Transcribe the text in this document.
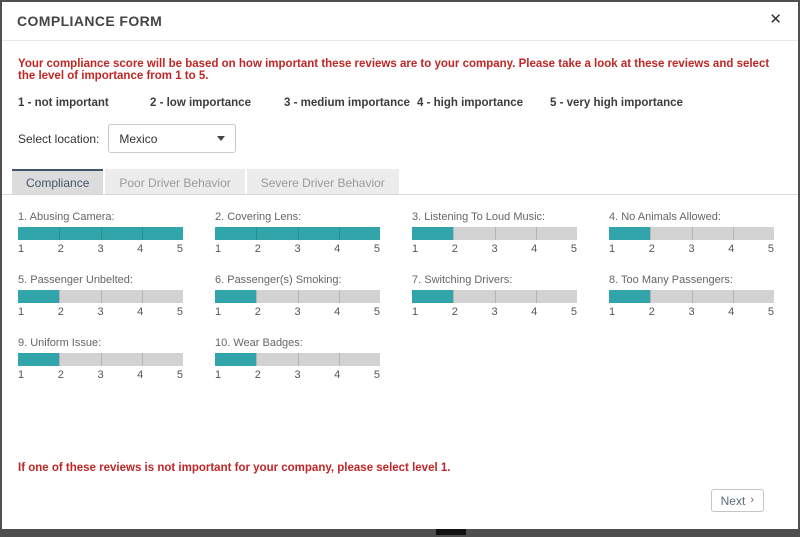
COMPLIANCE FORM	✕
Your compliance score will be based on how important these reviews are to your company. Please take a look at these reviews and select the level of importance from 1 to 5.
1 - not important	2 - low importance	3 - medium importance 4 - high importance	5 - very high importance
Select location: Mexico
Compliance	Poor Driver Behavior	Severe Driver Behavior
1. Abusing Camera:
1	2	3	4	5
2. Covering Lens:
1	2	3	4	5
3. Listening To Loud Music:
1	2	3	4	5
4. No Animals Allowed:
1	2	3	4	5
5. Passenger Unbelted:
1	2	3	4	5
6. Passenger(s) Smoking:
1	2	3	4	5
7. Switching Drivers:
1	2	3	4	5
8. Too Many Passengers:
1	2	3	4	5
9. Uniform Issue:
1	2	3	4	5
10. Wear Badges:
1	2	3	4	5
If one of these reviews is not important for your company, please select level 1.
Next ›
